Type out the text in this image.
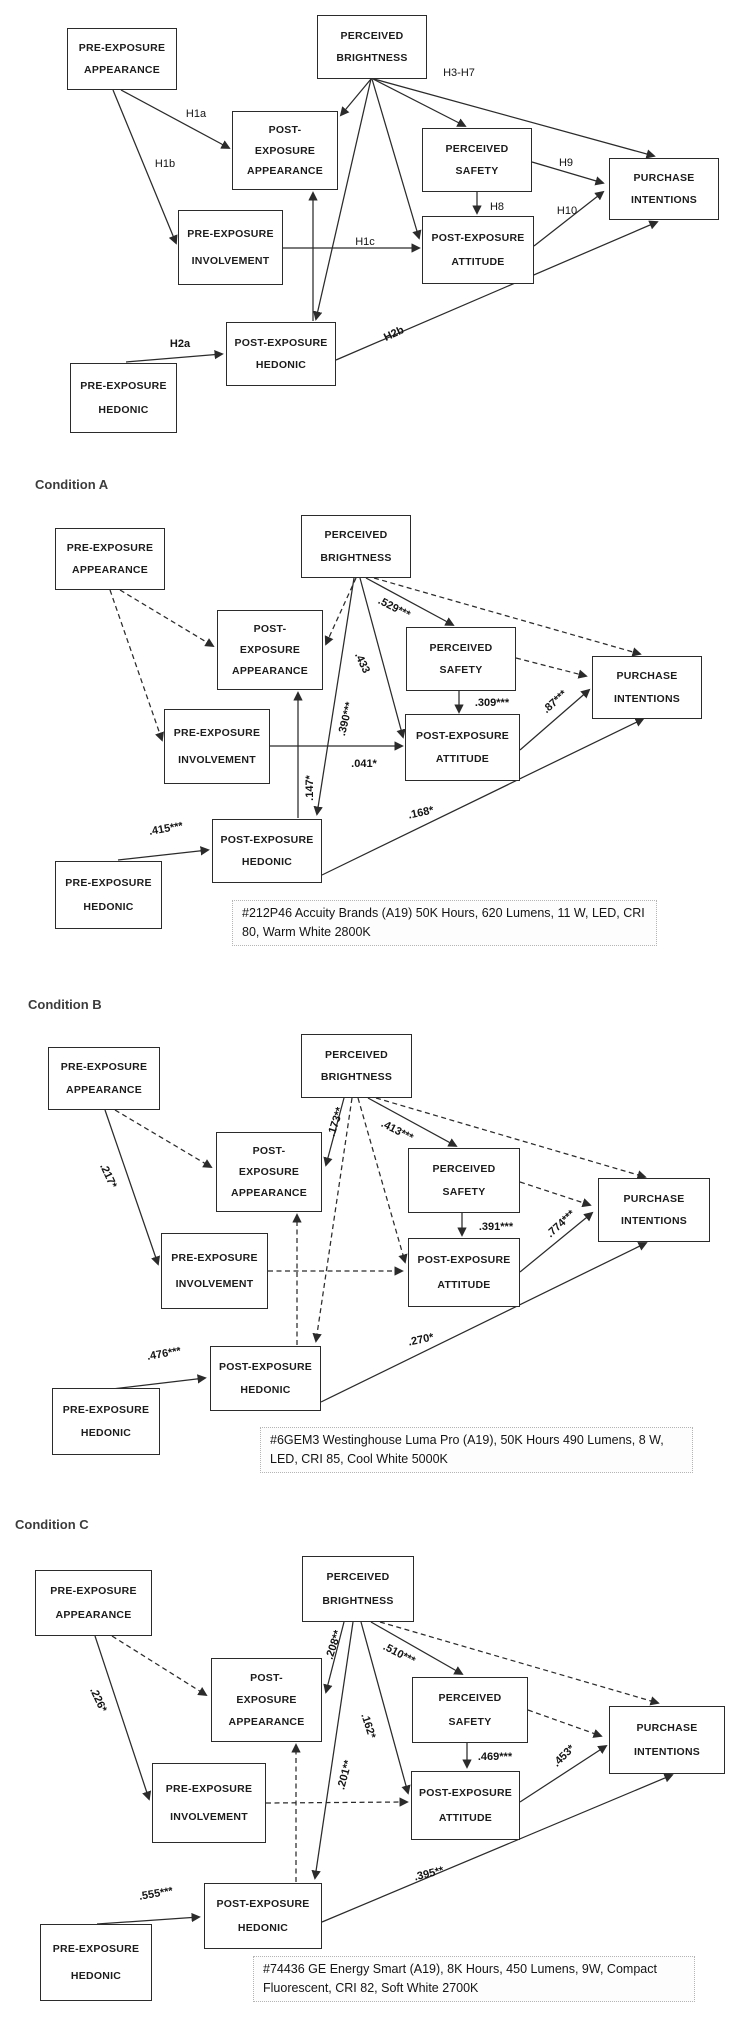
Condition A
Condition B
Condition C
#212P46 Accuity Brands (A19) 50K Hours, 620 Lumens, 11 W, LED, CRI 80, Warm White 2800K
#6GEM3 Westinghouse Luma Pro (A19), 50K Hours 490 Lumens, 8 W, LED, CRI 85, Cool White 5000K
#74436 GE Energy Smart (A19), 8K Hours, 450 Lumens, 9W, Compact Fluorescent, CRI 82, Soft White 2700K
PRE-EXPOSURE
APPEARANCE
PERCEIVED
BRIGHTNESS
POST-
EXPOSURE
APPEARANCE
PRE-EXPOSURE
INVOLVEMENT
PERCEIVED
SAFETY
POST-EXPOSURE
ATTITUDE
PURCHASE
INTENTIONS
POST-EXPOSURE
HEDONIC
PRE-EXPOSURE
HEDONIC
H1a
H1b
H1c
H3-H7
H9
H8	H10
H2a
H2b
PRE-EXPOSURE
APPEARANCE
PERCEIVED
BRIGHTNESS
POST-
EXPOSURE
APPEARANCE
PRE-EXPOSURE
INVOLVEMENT
PERCEIVED
SAFETY
POST-EXPOSURE
ATTITUDE
PURCHASE
INTENTIONS
POST-EXPOSURE
HEDONIC
PRE-EXPOSURE
HEDONIC
.529***
.433
.390***	.309***	.87***
.041*
.147*
.415***
.168*
PRE-EXPOSURE
APPEARANCE
PERCEIVED
BRIGHTNESS
POST-
EXPOSURE
APPEARANCE
PRE-EXPOSURE
INVOLVEMENT
PERCEIVED
SAFETY
POST-EXPOSURE
ATTITUDE
PURCHASE
INTENTIONS
POST-EXPOSURE
HEDONIC
PRE-EXPOSURE
HEDONIC
.217*
.173**	.413***
.391***	.774***
.476***
.270*
PRE-EXPOSURE
APPEARANCE
PERCEIVED
BRIGHTNESS
POST-
EXPOSURE
APPEARANCE
PRE-EXPOSURE
INVOLVEMENT
PERCEIVED
SAFETY
POST-EXPOSURE
ATTITUDE
PURCHASE
INTENTIONS
POST-EXPOSURE
HEDONIC
PRE-EXPOSURE
HEDONIC
.226*
.208**	.510***
.162*
.469***	.453*
.201**
.555***
.395**
